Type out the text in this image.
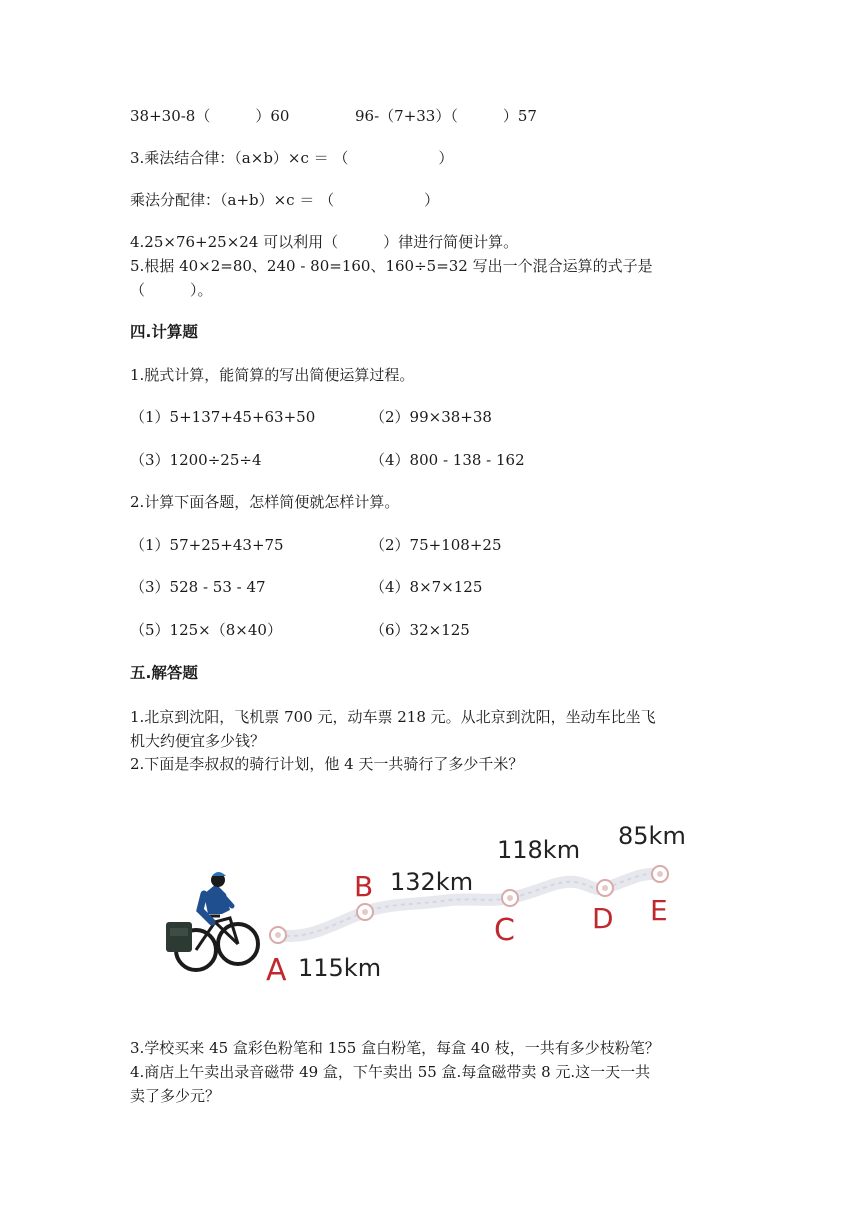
38+30-8（　　　）60	96-（7+33）（　　　）57
3.乘法结合律：（a×b）×c ＝ （　　　　　　）
乘法分配律：（a+b）×c ＝ （　　　　　　）
4.25×76+25×24 可以利用（　　　）律进行简便计算。
5.根据 40×2=80、240 - 80=160、160÷5=32 写出一个混合运算的式子是
（　　　）。
四.计算题
1.脱式计算，能简算的写出简便运算过程。
（1）5+137+45+63+50	（2）99×38+38
（3）1200÷25÷4	（4）800 - 138 - 162
2.计算下面各题，怎样简便就怎样计算。
（1）57+25+43+75	（2）75+108+25
（3）528 - 53 - 47	（4）8×7×125
（5）125×（8×40）	（6）32×125
五.解答题
1.北京到沈阳，飞机票 700 元，动车票 218 元。从北京到沈阳，坐动车比坐飞
机大约便宜多少钱？
2.下面是李叔叔的骑行计划，他 4 天一共骑行了多少千米？
A
B
C	D E
115km
132km
118km 85km
3.学校买来 45 盒彩色粉笔和 155 盒白粉笔，每盒 40 枝，一共有多少枝粉笔？
4.商店上午卖出录音磁带 49 盒，下午卖出 55 盒.每盒磁带卖 8 元.这一天一共
卖了多少元？
